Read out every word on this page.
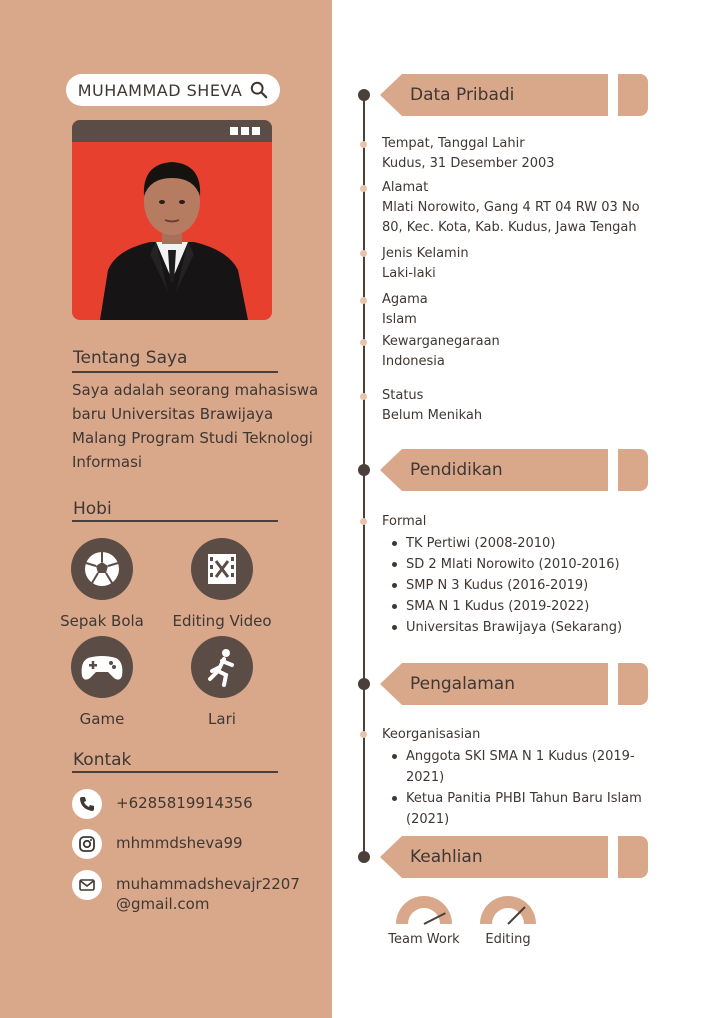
MUHAMMAD SHEVA
Tentang Saya
Saya adalah seorang mahasiswa baru Universitas Brawijaya Malang Program Studi Teknologi Informasi
Hobi
Sepak Bola	Editing Video
Game	Lari
Kontak
+6285819914356
mhmmdsheva99
muhammadshevajr2207
@gmail.com
Data Pribadi
Tempat, Tanggal Lahir
Kudus, 31 Desember 2003
Alamat
Mlati Norowito, Gang 4 RT 04 RW 03 No 80, Kec. Kota, Kab. Kudus, Jawa Tengah
Jenis Kelamin
Laki-laki
Agama
Islam
Kewarganegaraan
Indonesia
Status
Belum Menikah
Pendidikan
Formal
TK Pertiwi (2008-2010)
SD 2 Mlati Norowito (2010-2016)
SMP N 3 Kudus (2016-2019)
SMA N 1 Kudus (2019-2022)
Universitas Brawijaya (Sekarang)
Pengalaman
Keorganisasian
Anggota SKI SMA N 1 Kudus (2019-2021)
Ketua Panitia PHBI Tahun Baru Islam (2021)
Keahlian
Team Work	Editing
